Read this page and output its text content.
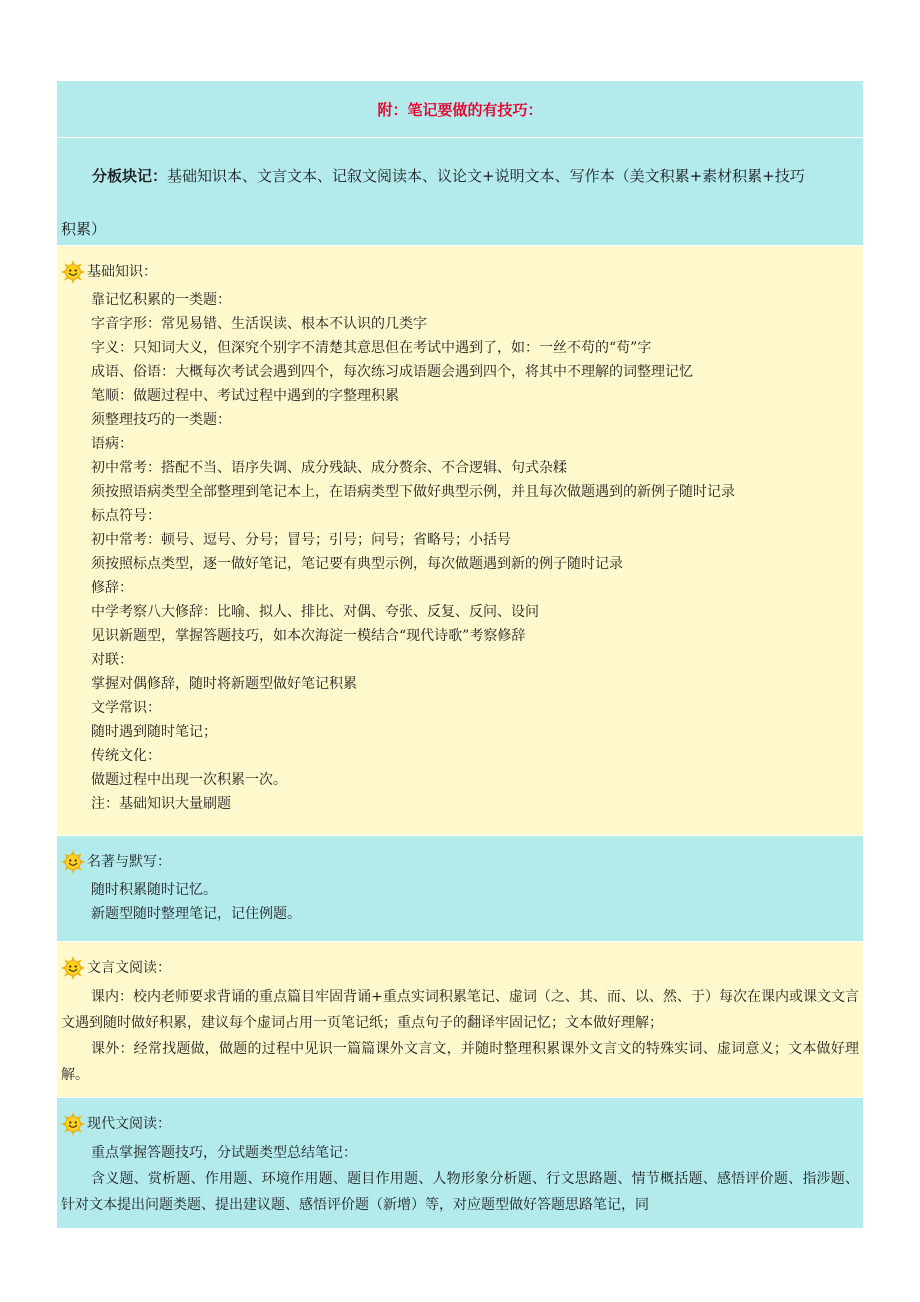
附：笔记要做的有技巧：

分板块记：基础知识本、文言文本、记叙文阅读本、议论文+说明文本、写作本（美文积累+素材积累+技巧

积累）

基础知识：
靠记忆积累的一类题：
字音字形：常见易错、生活误读、根本不认识的几类字
字义：只知词大义，但深究个别字不清楚其意思但在考试中遇到了，如：一丝不苟的“苟”字
成语、俗语：大概每次考试会遇到四个，每次练习成语题会遇到四个，将其中不理解的词整理记忆
笔顺：做题过程中、考试过程中遇到的字整理积累
须整理技巧的一类题：
语病：
初中常考：搭配不当、语序失调、成分残缺、成分赘余、不合逻辑、句式杂糅
须按照语病类型全部整理到笔记本上，在语病类型下做好典型示例，并且每次做题遇到的新例子随时记录
标点符号：
初中常考：顿号、逗号、分号；冒号；引号；问号；省略号；小括号
须按照标点类型，逐一做好笔记，笔记要有典型示例，每次做题遇到新的例子随时记录
修辞：
中学考察八大修辞：比喻、拟人、排比、对偶、夸张、反复、反问、设问
见识新题型，掌握答题技巧，如本次海淀一模结合“现代诗歌”考察修辞
对联：
掌握对偶修辞，随时将新题型做好笔记积累
文学常识：
随时遇到随时笔记；
传统文化：
做题过程中出现一次积累一次。
注：基础知识大量刷题
名著与默写：
随时积累随时记忆。
新题型随时整理笔记，记住例题。
文言文阅读：

课内：校内老师要求背诵的重点篇目牢固背诵+重点实词积累笔记、虚词（之、其、而、以、然、于）每次在课内或课文文言文遇到随时做好积累，建议每个虚词占用一页笔记纸；重点句子的翻译牢固记忆；文本做好理解；

课外：经常找题做，做题的过程中见识一篇篇课外文言文，并随时整理积累课外文言文的特殊实词、虚词意义；文本做好理解。

现代文阅读：

重点掌握答题技巧，分试题类型总结笔记：

含义题、赏析题、作用题、环境作用题、题目作用题、人物形象分析题、行文思路题、情节概括题、感悟评价题、指涉题、针对文本提出问题类题、提出建议题、感悟评价题（新增）等，对应题型做好答题思路笔记，同
